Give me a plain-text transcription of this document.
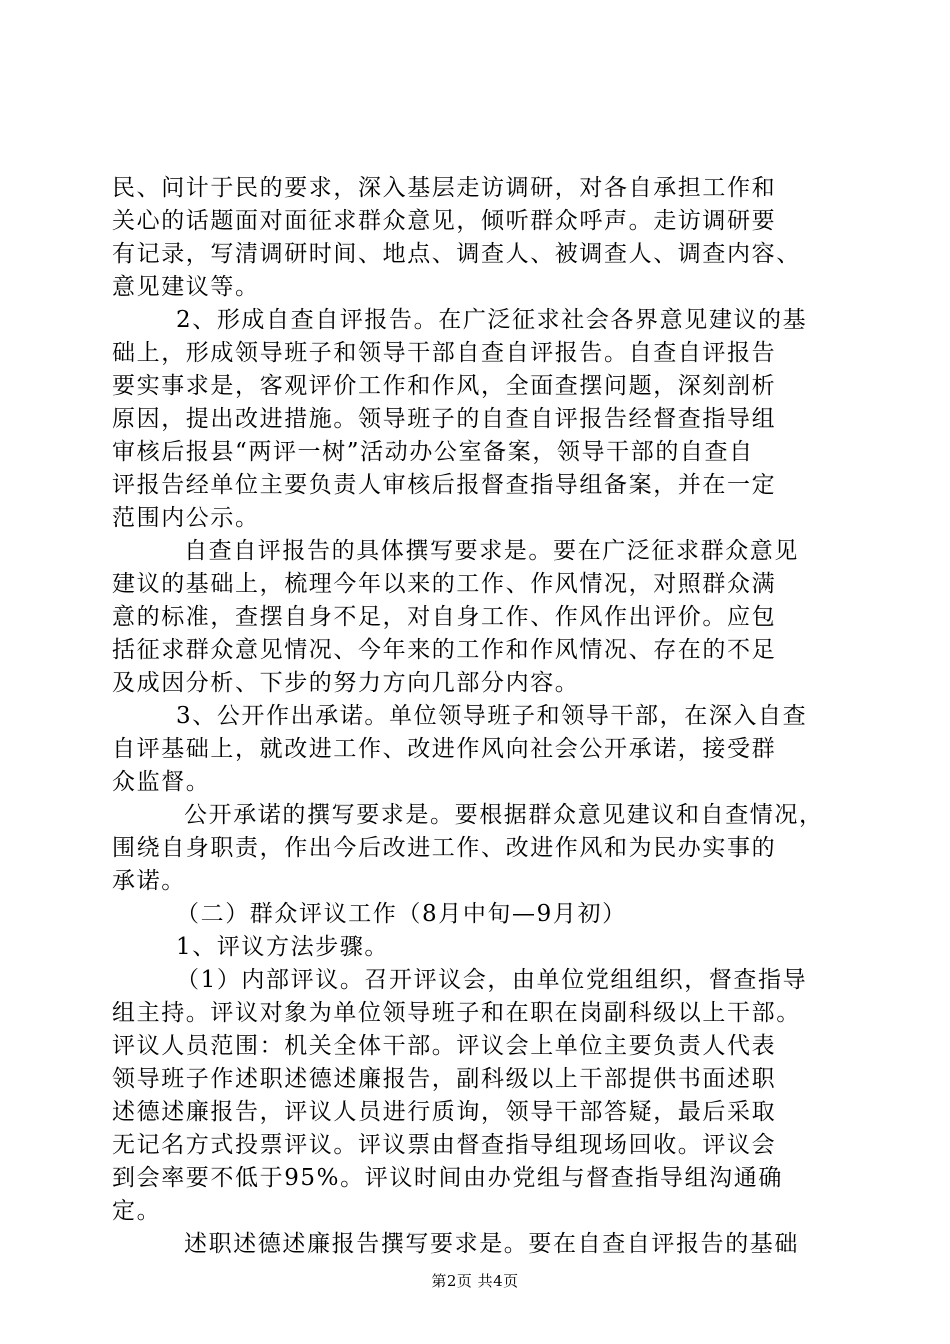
民、问计于民的要求，深入基层走访调研，对各自承担工作和
关心的话题面对面征求群众意见，倾听群众呼声。走访调研要
有记录，写清调研时间、地点、调查人、被调查人、调查内容、
意见建议等。
2、形成自查自评报告。在广泛征求社会各界意见建议的基
础上，形成领导班子和领导干部自查自评报告。自查自评报告
要实事求是，客观评价工作和作风，全面查摆问题，深刻剖析
原因，提出改进措施。领导班子的自查自评报告经督查指导组
审核后报县“两评一树”活动办公室备案，领导干部的自查自
评报告经单位主要负责人审核后报督查指导组备案，并在一定
范围内公示。
自查自评报告的具体撰写要求是。要在广泛征求群众意见
建议的基础上，梳理今年以来的工作、作风情况，对照群众满
意的标准，查摆自身不足，对自身工作、作风作出评价。应包
括征求群众意见情况、今年来的工作和作风情况、存在的不足
及成因分析、下步的努力方向几部分内容。
3、公开作出承诺。单位领导班子和领导干部，在深入自查
自评基础上，就改进工作、改进作风向社会公开承诺，接受群
众监督。
公开承诺的撰写要求是。要根据群众意见建议和自查情况，
围绕自身职责，作出今后改进工作、改进作风和为民办实事的
承诺。
（二）群众评议工作（8月中旬—9月初）
1、评议方法步骤。
（1）内部评议。召开评议会，由单位党组组织，督查指导
组主持。评议对象为单位领导班子和在职在岗副科级以上干部。
评议人员范围：机关全体干部。评议会上单位主要负责人代表
领导班子作述职述德述廉报告，副科级以上干部提供书面述职
述德述廉报告，评议人员进行质询，领导干部答疑，最后采取
无记名方式投票评议。评议票由督查指导组现场回收。评议会
到会率要不低于95%。评议时间由办党组与督查指导组沟通确
定。
述职述德述廉报告撰写要求是。要在自查自评报告的基础
第2页 共4页
